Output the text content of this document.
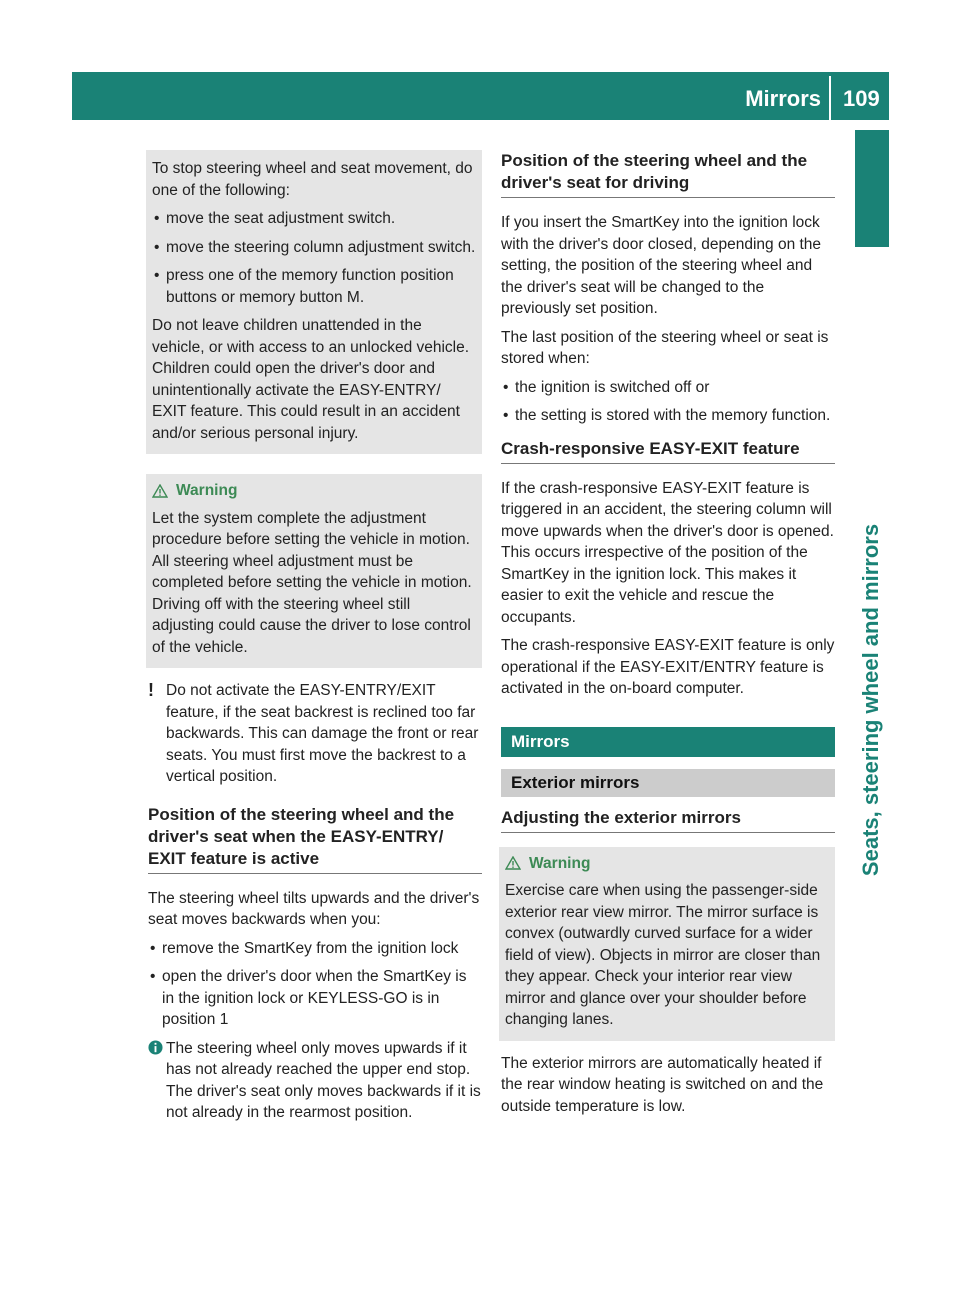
Mirrors 109
Seats, steering wheel and mirrors

To stop steering wheel and seat movement, do one of the following:

• move the seat adjustment switch.
• move the steering column adjustment switch.
• press one of the memory function position buttons or memory button M.

Do not leave children unattended in the vehicle, or with access to an unlocked vehicle. Children could open the driver's door and unintentionally activate the EASY-ENTRY/ EXIT feature. This could result in an accident and/or serious personal injury.

Warning

Let the system complete the adjustment procedure before setting the vehicle in motion. All steering wheel adjustment must be completed before setting the vehicle in motion. Driving off with the steering wheel still adjusting could cause the driver to lose control of the vehicle.

! Do not activate the EASY-ENTRY/EXIT feature, if the seat backrest is reclined too far backwards. This can damage the front or rear seats. You must first move the backrest to a vertical position.
Position of the steering wheel and the driver's seat when the EASY-ENTRY/ EXIT feature is active

The steering wheel tilts upwards and the driver's seat moves backwards when you:

• remove the SmartKey from the ignition lock
• open the driver's door when the SmartKey is in the ignition lock or KEYLESS-GO is in position 1
The steering wheel only moves upwards if it has not already reached the upper end stop. The driver's seat only moves backwards if it is not already in the rearmost position.
Position of the steering wheel and the driver's seat for driving

If you insert the SmartKey into the ignition lock with the driver's door closed, depending on the setting, the position of the steering wheel and the driver's seat will be changed to the previously set position.

The last position of the steering wheel or seat is stored when:

• the ignition is switched off or
• the setting is stored with the memory function.
Crash-responsive EASY-EXIT feature

If the crash-responsive EASY-EXIT feature is triggered in an accident, the steering column will move upwards when the driver's door is opened. This occurs irrespective of the position of the SmartKey in the ignition lock. This makes it easier to exit the vehicle and rescue the occupants.

The crash-responsive EASY-EXIT feature is only operational if the EASY-EXIT/ENTRY feature is activated in the on-board computer.

Mirrors
Exterior mirrors
Adjusting the exterior mirrors
Warning

Exercise care when using the passenger-side exterior rear view mirror. The mirror surface is convex (outwardly curved surface for a wider field of view). Objects in mirror are closer than they appear. Check your interior rear view mirror and glance over your shoulder before changing lanes.

The exterior mirrors are automatically heated if the rear window heating is switched on and the outside temperature is low.
